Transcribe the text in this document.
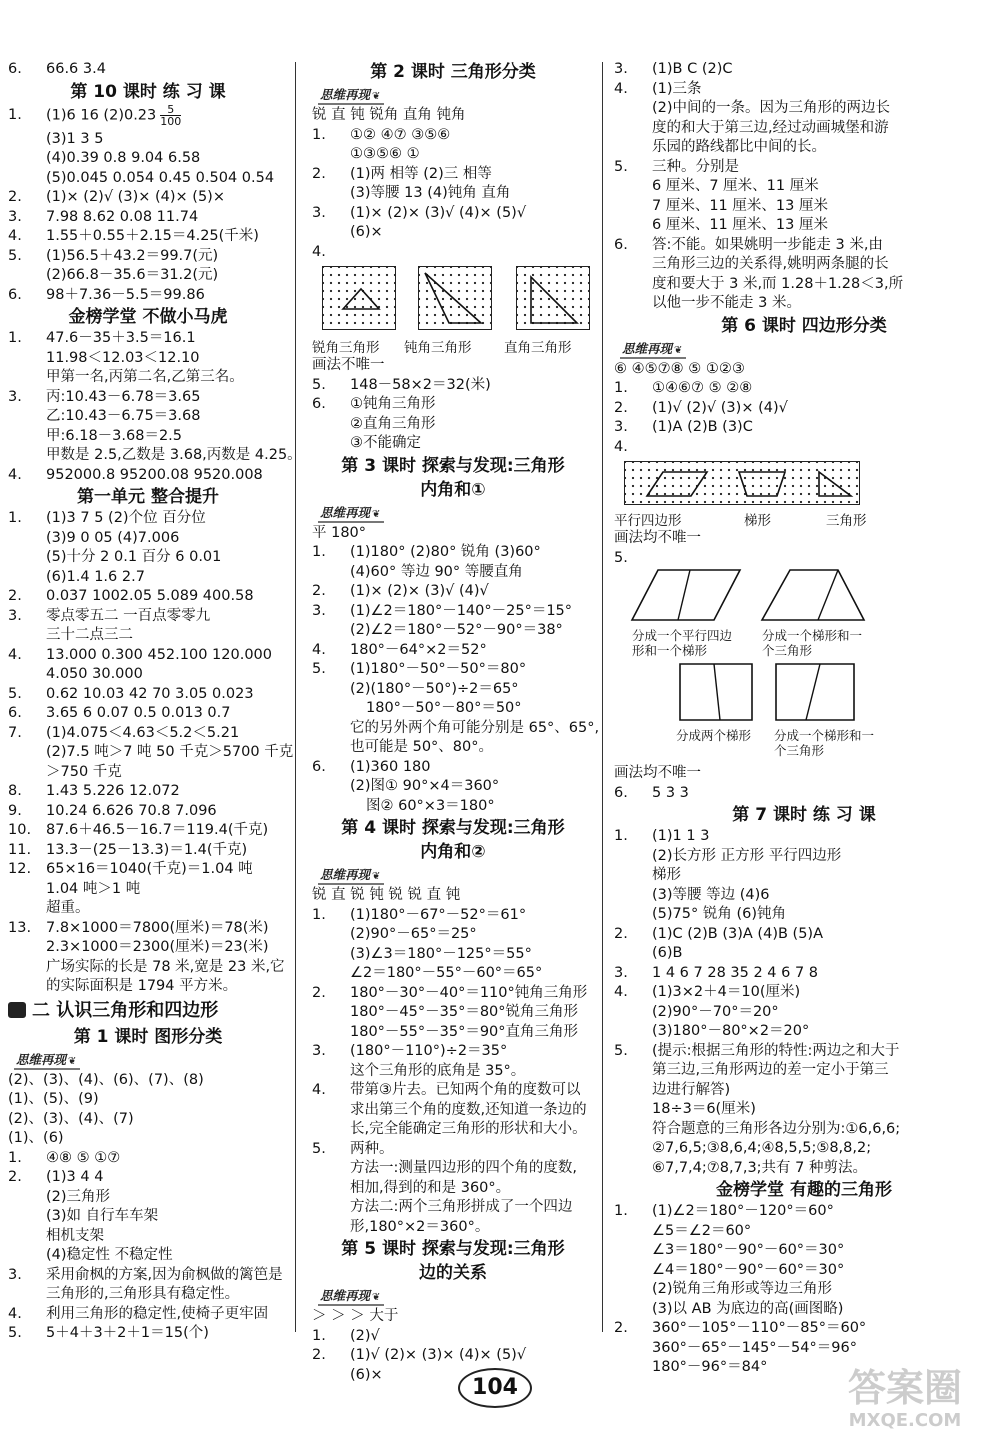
6. 66.6 3.4
第 10 课时 练 习 课
1. (1)6 16 $(2)0.23 \frac{5}{100}$
(3)1 3 5
(4)0.39 0.8 9.04 6.58
(5)0.045 0.054 0.45 0.504 0.54
2. (1)× (2)√ (3)× (4)× (5)×
3. 7.98 8.62 0.08 11.74
4. 1.55＋0.55＋2.15＝4.25(千米)
5. (1)56.5＋43.2＝99.7(元)
(2)66.8－35.6＝31.2(元)
6. 98＋7.36－5.5＝99.86
金榜学堂 不做小马虎
1. 47.6－35＋3.5＝16.1
11.98＜12.03＜12.10
甲第一名,丙第二名,乙第三名。
3. 丙:10.43－6.78＝3.65
乙:10.43－6.75＝3.68
甲:6.18－3.68＝2.5
甲数是 2.5,乙数是 3.68,丙数是 4.25。
4. 952000.8 95200.08 9520.008
第一单元 整合提升
1. (1)3 7 5 (2)个位 百分位
(3)9 0 05 (4)7.006
(5)十分 2 0.1 百分 6 0.01
(6)1.4 1.6 2.7
2. 0.037 1002.05 5.089 400.58
3. 零点零五二 一百点零零九
三十二点三二
4. 13.000 0.300 452.100 120.000
4.050 30.000
5. 0.62 10.03 42 70 3.05 0.023
6. 3.65 6 0.07 0.5 0.013 0.7
7. (1)4.075＜4.63＜5.2＜5.21
(2)7.5 吨＞7 吨 50 千克＞5700 千克
＞750 千克
8. 1.43 5.226 12.072
9. 10.24 6.626 70.8 7.096
10. 87.6＋46.5－16.7＝119.4(千克)
11. 13.3－(25－13.3)＝1.4(千克)
12. 65×16＝1040(千克)＝1.04 吨
1.04 吨＞1 吨
超重。
13. 7.8×1000＝7800(厘米)＝78(米)
2.3×1000＝2300(厘米)＝23(米)
广场实际的长是 78 米,宽是 23 米,它
的实际面积是 1794 平方米。
二 认识三角形和四边形
第 1 课时 图形分类
思维再现 ❦
(2)、(3)、(4)、(6)、(7)、(8)
(1)、(5)、(9)
(2)、(3)、(4)、(7)
(1)、(6)
1. ④⑧ ⑤ ①⑦
2. (1)3 4 4
(2)三角形
(3)如 自行车车架
相机支架
(4)稳定性 不稳定性
3. 采用俞枫的方案,因为俞枫做的篱笆是
三角形的,三角形具有稳定性。
4. 利用三角形的稳定性,使椅子更牢固
5. 5＋4＋3＋2＋1＝15(个)
第 2 课时 三角形分类
思维再现 ❦
锐 直 钝 锐角 直角 钝角
1. ①② ④⑦ ③⑤⑥
①③⑤⑥ ①
2. (1)两 相等 (2)三 相等
(3)等腰 13 (4)钝角 直角
3. (1)× (2)× (3)√ (4)× (5)√
(6)×
4.
锐角三角形 钝角三角形 直角三角形
画法不唯一
5. 148－58×2＝32(米)
6. ①钝角三角形
②直角三角形
③不能确定
第 3 课时 探索与发现:三角形
内角和①
思维再现 ❦
平 180°
1. (1)180° (2)80° 锐角 (3)60°
(4)60° 等边 90° 等腰直角
2. (1)× (2)× (3)√ (4)√
3. (1)∠2＝180°－140°－25°＝15°
(2)∠2＝180°－52°－90°＝38°
4. 180°－64°×2＝52°
5. (1)180°－50°－50°＝80°
(2)(180°－50°)÷2＝65°
180°－50°－80°＝50°
它的另外两个角可能分别是 65°、65°,
也可能是 50°、80°。
6. (1)360 180
(2)图① 90°×4＝360°
图② 60°×3＝180°
第 4 课时 探索与发现:三角形
内角和②
思维再现 ❦
锐 直 锐 钝 锐 锐 直 钝
1. (1)180°－67°－52°＝61°
(2)90°－65°＝25°
(3)∠3＝180°－125°＝55°
∠2＝180°－55°－60°＝65°
2. 180°－30°－40°＝110°钝角三角形
180°－45°－35°＝80°锐角三角形
180°－55°－35°＝90°直角三角形
3. (180°－110°)÷2＝35°
这个三角形的底角是 35°。
4. 带第③片去。已知两个角的度数可以
求出第三个角的度数,还知道一条边的
长,完全能确定三角形的形状和大小。
5. 两种。
方法一:测量四边形的四个角的度数,
相加,得到的和是 360°。
方法二:两个三角形拼成了一个四边
形,180°×2＝360°。
第 5 课时 探索与发现:三角形
边的关系
思维再现 ❦
＞ ＞ ＞ 大于
1. (2)√
2. (1)√ (2)× (3)× (4)× (5)√
(6)×
3. (1)B C (2)C
4. (1)三条
(2)中间的一条。因为三角形的两边长
度的和大于第三边,经过动画城堡和游
乐园的路线都比中间的长。
5. 三种。分别是
6 厘米、7 厘米、11 厘米
7 厘米、11 厘米、13 厘米
6 厘米、11 厘米、13 厘米
6. 答:不能。如果姚明一步能走 3 米,由
三角形三边的关系得,姚明两条腿的长
度和要大于 3 米,而 1.28＋1.28＜3,所
以他一步不能走 3 米。
第 6 课时 四边形分类
思维再现 ❦
⑥ ④⑤⑦⑧ ⑤ ①②③
1. ①④⑥⑦ ⑤ ②⑧
2. (1)√ (2)√ (3)× (4)√
3. (1)A (2)B (3)C
4.
平行四边形	梯形	三角形
画法均不唯一
5.
分成一个平行四边形和一个梯形
分成一个梯形和一个三角形
分成两个梯形	分成一个梯形和一个三角形
画法均不唯一
6. 5 3 3
第 7 课时 练 习 课
1. (1)1 1 3
(2)长方形 正方形 平行四边形
梯形
(3)等腰 等边 (4)6
(5)75° 锐角 (6)钝角
2. (1)C (2)B (3)A (4)B (5)A
(6)B
3. 1 4 6 7 28 35 2 4 6 7 8
4. (1)3×2＋4＝10(厘米)
(2)90°－70°＝20°
(3)180°－80°×2＝20°
5. (提示:根据三角形的特性:两边之和大于
第三边,三角形两边的差一定小于第三
边进行解答)
18÷3＝6(厘米)
符合题意的三角形各边分别为:①6,6,6;
②7,6,5;③8,6,4;④8,5,5;⑤8,8,2;
⑥7,7,4;⑦8,7,3;共有 7 种剪法。
金榜学堂 有趣的三角形
1. (1)∠2＝180°－120°＝60°
∠5＝∠2＝60°
∠3＝180°－90°－60°＝30°
∠4＝180°－90°－60°＝30°
(2)锐角三角形或等边三角形
(3)以 AB 为底边的高(画图略)
2. 360°－105°－110°－85°＝60°
360°－65°－145°－54°＝96°
180°－96°＝84°
104	答案圈
MXQE.COM
